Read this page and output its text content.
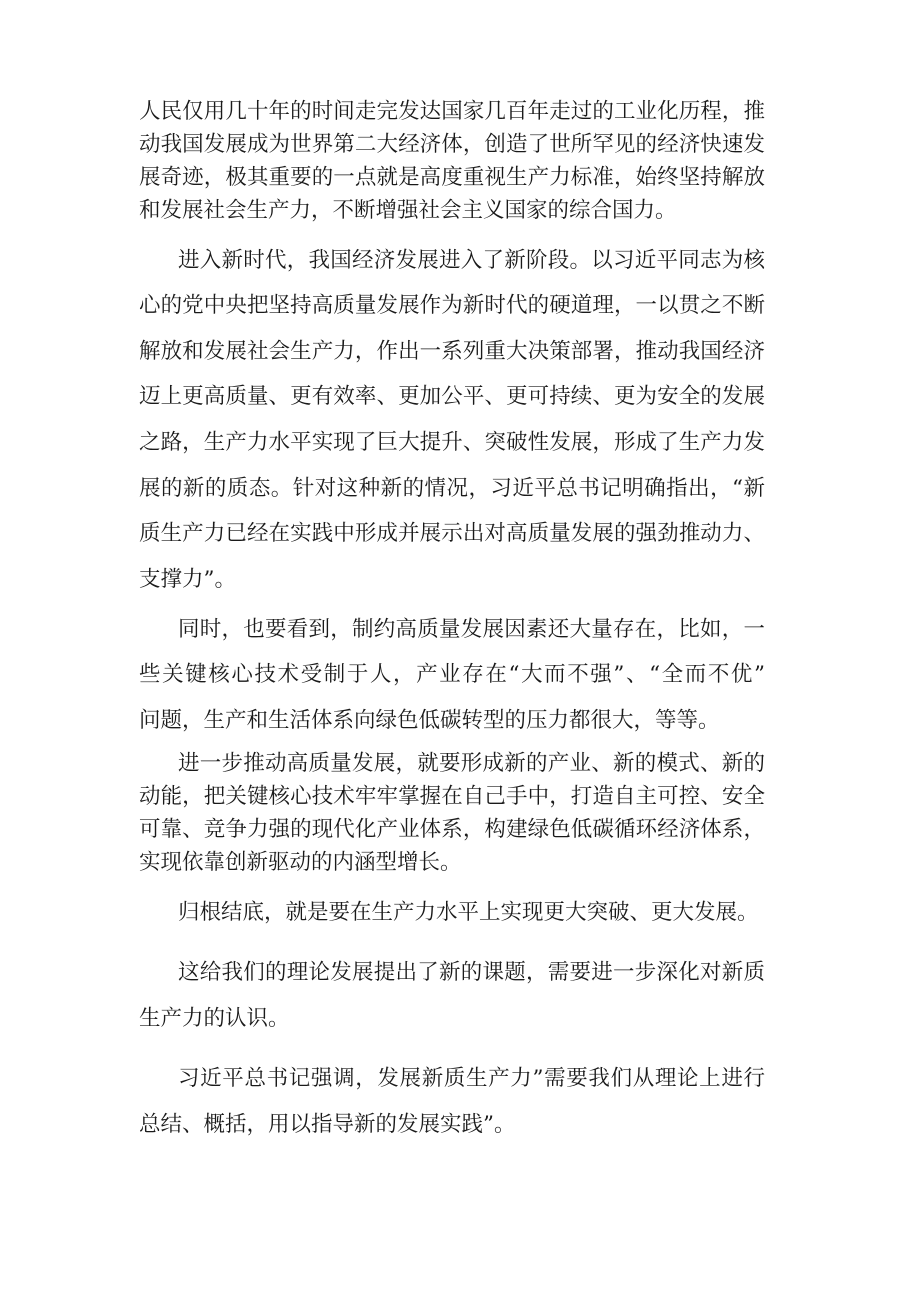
人民仅用几十年的时间走完发达国家几百年走过的工业化历程，推

动我国发展成为世界第二大经济体，创造了世所罕见的经济快速发

展奇迹，极其重要的一点就是高度重视生产力标准，始终坚持解放

和发展社会生产力，不断增强社会主义国家的综合国力。

进入新时代，我国经济发展进入了新阶段。以习近平同志为核

心的党中央把坚持高质量发展作为新时代的硬道理，一以贯之不断

解放和发展社会生产力，作出一系列重大决策部署，推动我国经济

迈上更高质量、更有效率、更加公平、更可持续、更为安全的发展

之路，生产力水平实现了巨大提升、突破性发展，形成了生产力发

展的新的质态。针对这种新的情况，习近平总书记明确指出，“新

质生产力已经在实践中形成并展示出对高质量发展的强劲推动力、

支撑力”。

同时，也要看到，制约高质量发展因素还大量存在，比如，一

些关键核心技术受制于人，产业存在“大而不强”、“全而不优”

问题，生产和生活体系向绿色低碳转型的压力都很大，等等。

进一步推动高质量发展，就要形成新的产业、新的模式、新的

动能，把关键核心技术牢牢掌握在自己手中，打造自主可控、安全

可靠、竞争力强的现代化产业体系，构建绿色低碳循环经济体系，

实现依靠创新驱动的内涵型增长。

归根结底，就是要在生产力水平上实现更大突破、更大发展。

这给我们的理论发展提出了新的课题，需要进一步深化对新质

生产力的认识。

习近平总书记强调，发展新质生产力”需要我们从理论上进行

总结、概括，用以指导新的发展实践”。
